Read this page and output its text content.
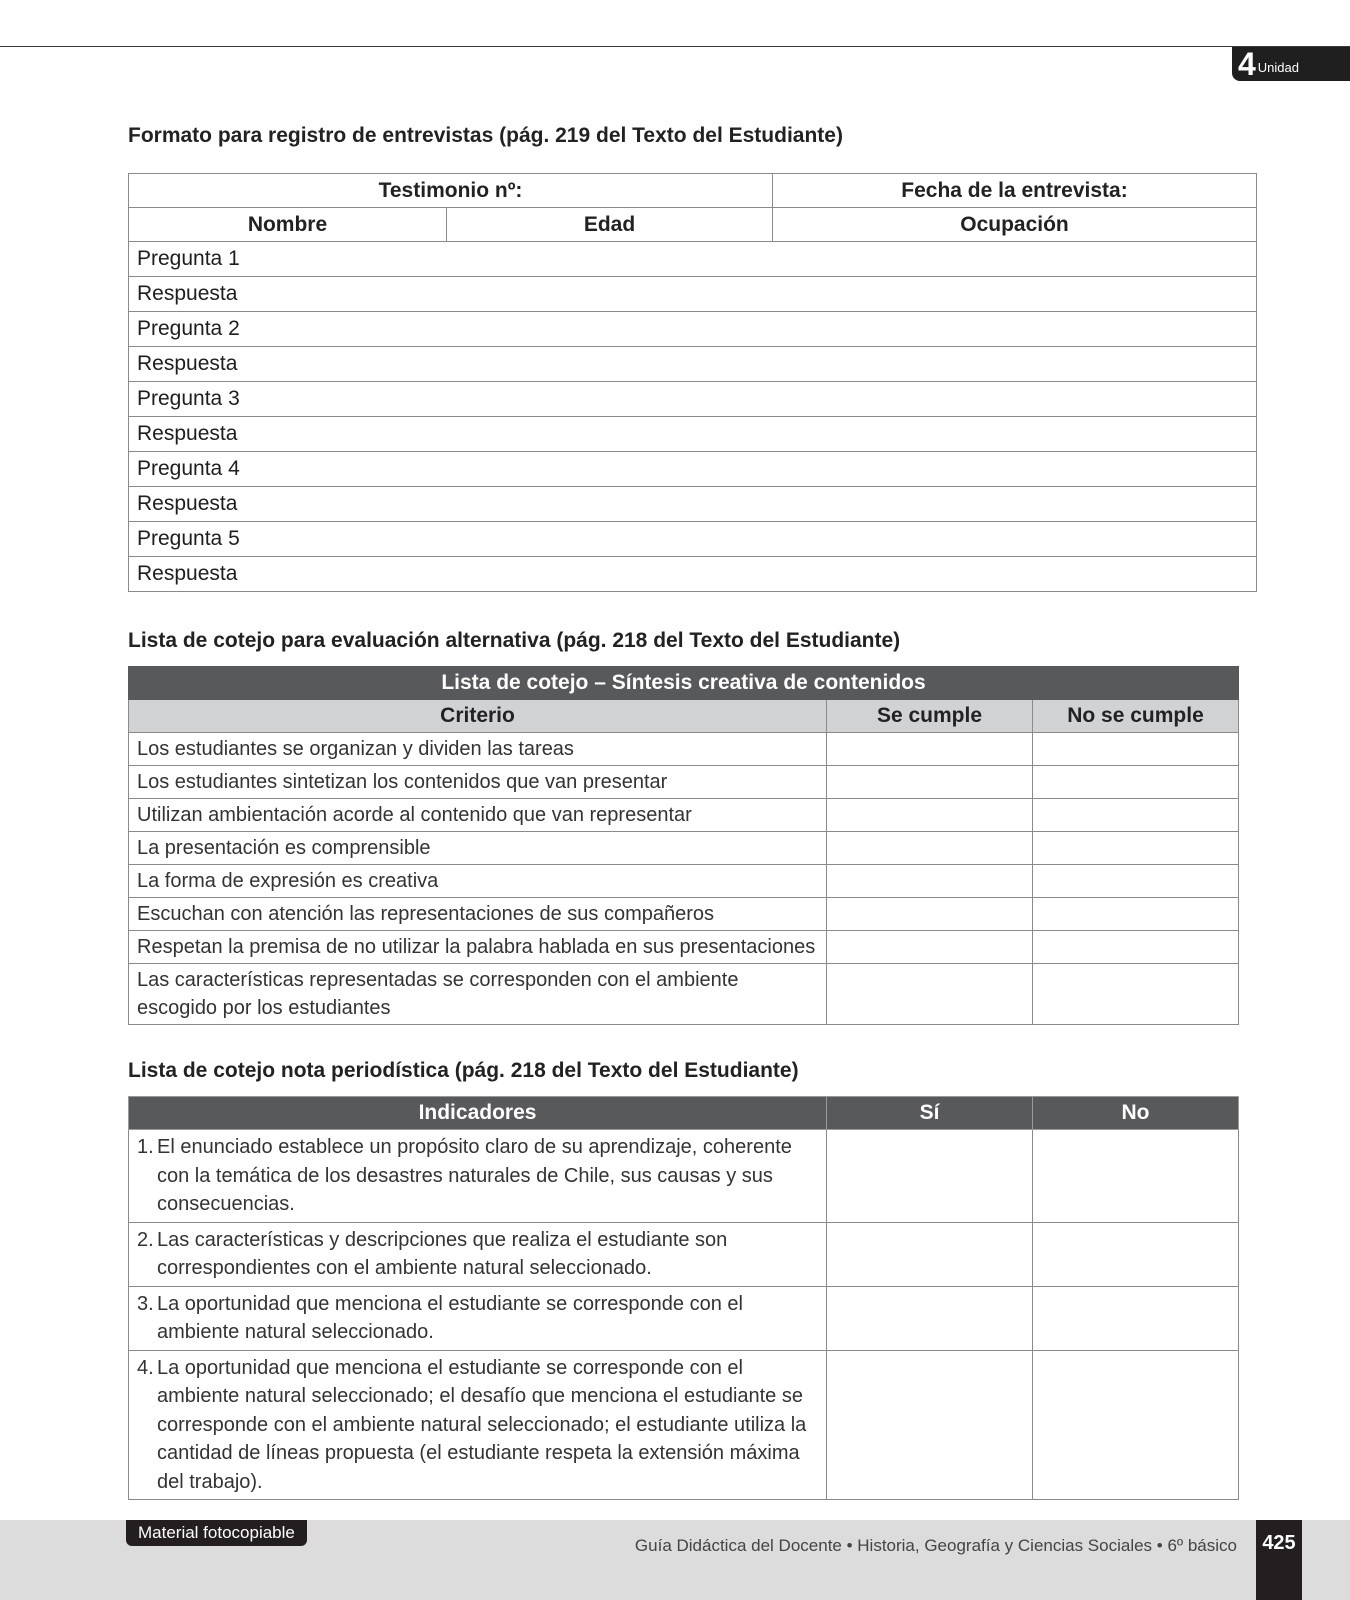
4 Unidad
Formato para registro de entrevistas (pág. 219 del Texto del Estudiante)
Testimonio nº:		Fecha de la entrevista:
Nombre	Edad	Ocupación
Pregunta 1		
Respuesta		
Pregunta 2		
Respuesta		
Pregunta 3		
Respuesta		
Pregunta 4		
Respuesta		
Pregunta 5		
Respuesta		
Lista de cotejo para evaluación alternativa (pág. 218 del Texto del Estudiante)
Lista de cotejo – Síntesis creativa de contenidos		
Criterio	Se cumple	No se cumple
Los estudiantes se organizan y dividen las tareas		
Los estudiantes sintetizan los contenidos que van presentar		
Utilizan ambientación acorde al contenido que van representar		
La presentación es comprensible		
La forma de expresión es creativa		
Escuchan con atención las representaciones de sus compañeros		
Respetan la premisa de no utilizar la palabra hablada en sus presentaciones		
Las características representadas se corresponden con el ambiente escogido por los estudiantes		
Lista de cotejo nota periodística (pág. 218 del Texto del Estudiante)
Indicadores	Sí	No

1. El enunciado establece un propósito claro de su aprendizaje, coherente con la temática de los desastres naturales de Chile, sus causas y sus consecuencias.		

2. Las características y descripciones que realiza el estudiante son correspondientes con el ambiente natural seleccionado.		

3. La oportunidad que menciona el estudiante se corresponde con el ambiente natural seleccionado.		

4. La oportunidad que menciona el estudiante se corresponde con el ambiente natural seleccionado; el desafío que menciona el estudiante se corresponde con el ambiente natural seleccionado; el estudiante utiliza la cantidad de líneas propuesta (el estudiante respeta la extensión máxima del trabajo).		

Material fotocopiable
Guía Didáctica del Docente • Historia, Geografía y Ciencias Sociales • 6º básico	425
